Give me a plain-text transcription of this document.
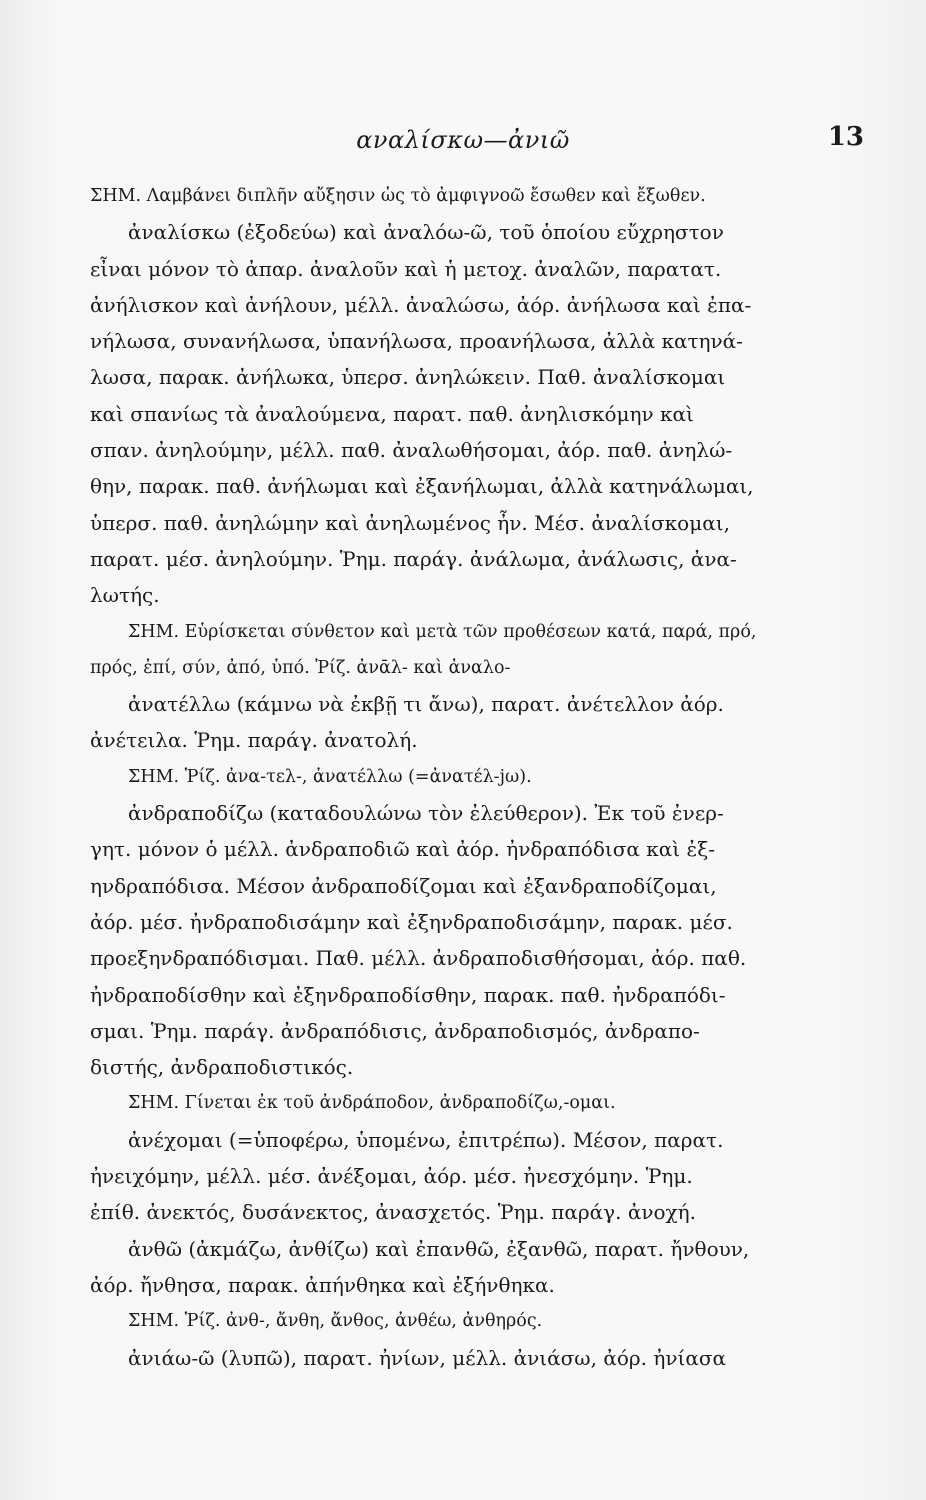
αναλίσκω—ἀνιῶ	13
ΣΗΜ. Λαμβάνει διπλῆν αὔξησιν ὡς τὸ ἀμφιγνοῶ ἔσωθεν καὶ ἔξωθεν.
ἀναλίσκω (ἐξοδεύω) καὶ ἀναλόω-ῶ, τοῦ ὁποίου εὔχρηστον
εἶναι μόνον τὸ ἀπαρ. ἀναλοῦν καὶ ἡ μετοχ. ἀναλῶν, παρατατ.
ἀνήλισκον καὶ ἀνήλουν, μέλλ. ἀναλώσω, ἀόρ. ἀνήλωσα καὶ ἐπα-
νήλωσα, συνανήλωσα, ὑπανήλωσα, προανήλωσα, ἀλλὰ κατηνά-
λωσα, παρακ. ἀνήλωκα, ὑπερσ. ἀνηλώκειν. Παθ. ἀναλίσκομαι
καὶ σπανίως τὰ ἀναλούμενα, παρατ. παθ. ἀνηλισκόμην καὶ
σπαν. ἀνηλούμην, μέλλ. παθ. ἀναλωθήσομαι, ἀόρ. παθ. ἀνηλώ-
θην, παρακ. παθ. ἀνήλωμαι καὶ ἐξανήλωμαι, ἀλλὰ κατηνάλωμαι,
ὑπερσ. παθ. ἀνηλώμην καὶ ἀνηλωμένος ἦν. Μέσ. ἀναλίσκομαι,
παρατ. μέσ. ἀνηλούμην. Ῥημ. παράγ. ἀνάλωμα, ἀνάλωσις, ἀνα-
λωτής.
ΣΗΜ. Εὑρίσκεται σύνθετον καὶ μετὰ τῶν προθέσεων κατά, παρά, πρό,
πρός, ἐπί, σύν, ἀπό, ὑπό. Ῥίζ. ἀνᾱλ- καὶ ἀναλο-
ἀνατέλλω (κάμνω νὰ ἐκβῇ τι ἄνω), παρατ. ἀνέτελλον ἀόρ.
ἀνέτειλα. Ῥημ. παράγ. ἀνατολή.
ΣΗΜ. Ῥίζ. ἀνα-τελ-, ἀνατέλλω (=ἀνατέλ-jω).
ἀνδραποδίζω (καταδουλώνω τὸν ἐλεύθερον). Ἐκ τοῦ ἐνερ-
γητ. μόνον ὁ μέλλ. ἀνδραποδιῶ καὶ ἀόρ. ἠνδραπόδισα καὶ ἐξ-
ηνδραπόδισα. Μέσον ἀνδραποδίζομαι καὶ ἐξανδραποδίζομαι,
ἀόρ. μέσ. ἠνδραποδισάμην καὶ ἐξηνδραποδισάμην, παρακ. μέσ.
προεξηνδραπόδισμαι. Παθ. μέλλ. ἀνδραποδισθήσομαι, ἀόρ. παθ.
ἠνδραποδίσθην καὶ ἐξηνδραποδίσθην, παρακ. παθ. ἠνδραπόδι-
σμαι. Ῥημ. παράγ. ἀνδραπόδισις, ἀνδραποδισμός, ἀνδραπο-
διστής, ἀνδραποδιστικός.
ΣΗΜ. Γίνεται ἐκ τοῦ ἀνδράποδον, ἀνδραποδίζω,-ομαι.
ἀνέχομαι (=ὑποφέρω, ὑπομένω, ἐπιτρέπω). Μέσον, παρατ.
ἠνειχόμην, μέλλ. μέσ. ἀνέξομαι, ἀόρ. μέσ. ἠνεσχόμην. Ῥημ.
ἐπίθ. ἀνεκτός, δυσάνεκτος, ἀνασχετός. Ῥημ. παράγ. ἀνοχή.
ἀνθῶ (ἀκμάζω, ἀνθίζω) καὶ ἐπανθῶ, ἐξανθῶ, παρατ. ἤνθουν,
ἀόρ. ἤνθησα, παρακ. ἀπήνθηκα καὶ ἐξήνθηκα.
ΣΗΜ. Ῥίζ. ἀνθ-, ἄνθη, ἄνθος, ἀνθέω, ἀνθηρός.
ἀνιάω-ῶ (λυπῶ), παρατ. ἠνίων, μέλλ. ἀνιάσω, ἀόρ. ἠνίασα
